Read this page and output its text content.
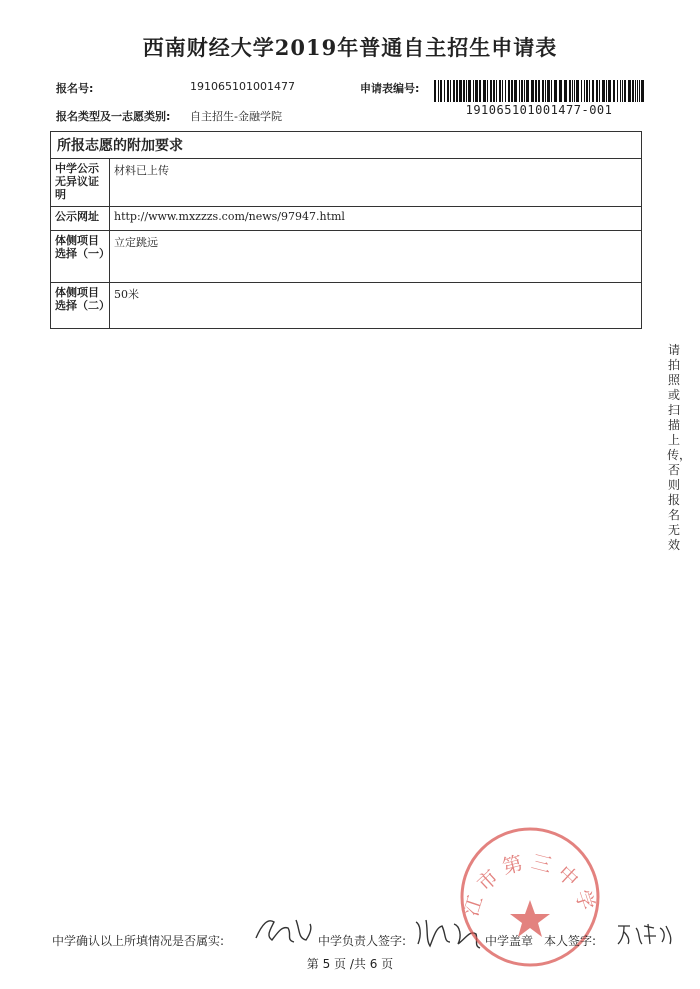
西南财经大学2019年普通自主招生申请表
报名号:	191065101001477	申请表编号:
191065101001477-001
报名类型及一志愿类别: 自主招生-金融学院
所报志愿的附加要求	
中学公示无异议证明	材料已上传
公示网址	http://www.mxzzzs.com/news/97947.html
体侧项目选择（一）	立定跳远
体侧项目选择（二）	50米
请拍照或扫描上传，否则报名无效
中学确认以上所填情况是否属实:	中学负责人签字:
江市第三中学
中学盖章 本人签字:
第 5 页 /共 6 页
